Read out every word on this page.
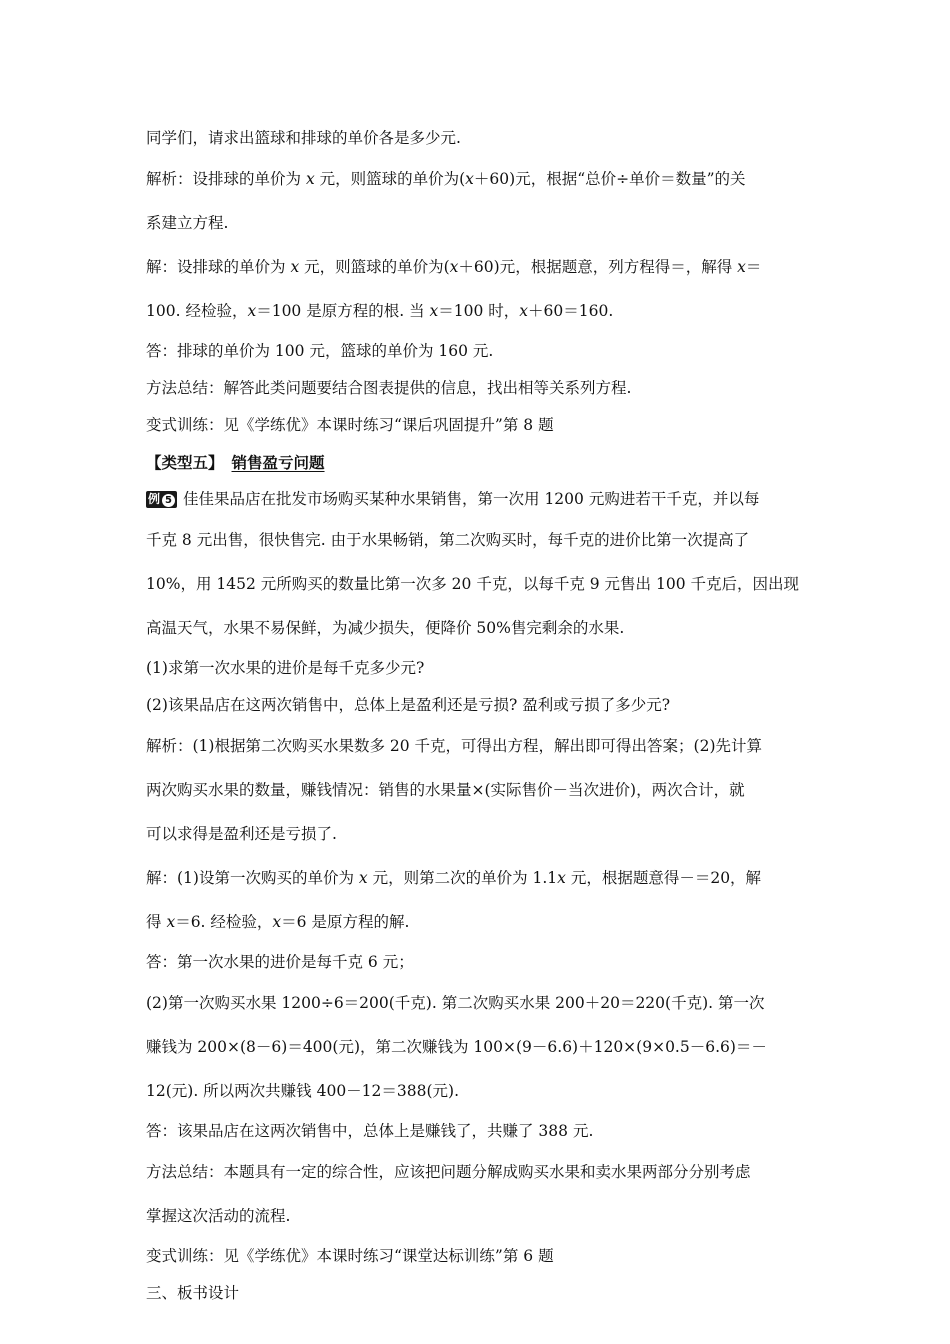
同学们，请求出篮球和排球的单价各是多少元.
解析：设排球的单价为 x 元，则篮球的单价为(x＋60)元，根据“总价÷单价＝数量”的关
系建立方程.
解：设排球的单价为 x 元，则篮球的单价为(x＋60)元，根据题意，列方程得＝，解得 x＝
100. 经检验，x＝100 是原方程的根. 当 x＝100 时，x＋60＝160.
答：排球的单价为 100 元，篮球的单价为 160 元.
方法总结：解答此类问题要结合图表提供的信息，找出相等关系列方程.
变式训练：见《学练优》本课时练习“课后巩固提升”第 8 题
【类型五】 销售盈亏问题
例 5 佳佳果品店在批发市场购买某种水果销售，第一次用 1200 元购进若干千克，并以每
千克 8 元出售，很快售完. 由于水果畅销，第二次购买时，每千克的进价比第一次提高了
10%，用 1452 元所购买的数量比第一次多 20 千克，以每千克 9 元售出 100 千克后，因出现
高温天气，水果不易保鲜，为减少损失，便降价 50%售完剩余的水果.
(1)求第一次水果的进价是每千克多少元?
(2)该果品店在这两次销售中，总体上是盈利还是亏损? 盈利或亏损了多少元?
解析：(1)根据第二次购买水果数多 20 千克，可得出方程，解出即可得出答案；(2)先计算
两次购买水果的数量，赚钱情况：销售的水果量×(实际售价－当次进价)，两次合计，就
可以求得是盈利还是亏损了.
解：(1)设第一次购买的单价为 x 元，则第二次的单价为 1.1x 元，根据题意得－＝20，解
得 x＝6. 经检验，x＝6 是原方程的解.
答：第一次水果的进价是每千克 6 元；
(2)第一次购买水果 1200÷6＝200(千克). 第二次购买水果 200＋20＝220(千克). 第一次
赚钱为 200×(8－6)＝400(元)，第二次赚钱为 100×(9－6.6)＋120×(9×0.5－6.6)＝－
12(元). 所以两次共赚钱 400－12＝388(元).
答：该果品店在这两次销售中，总体上是赚钱了，共赚了 388 元.
方法总结：本题具有一定的综合性，应该把问题分解成购买水果和卖水果两部分分别考虑
掌握这次活动的流程.
变式训练：见《学练优》本课时练习“课堂达标训练”第 6 题
三、板书设计
